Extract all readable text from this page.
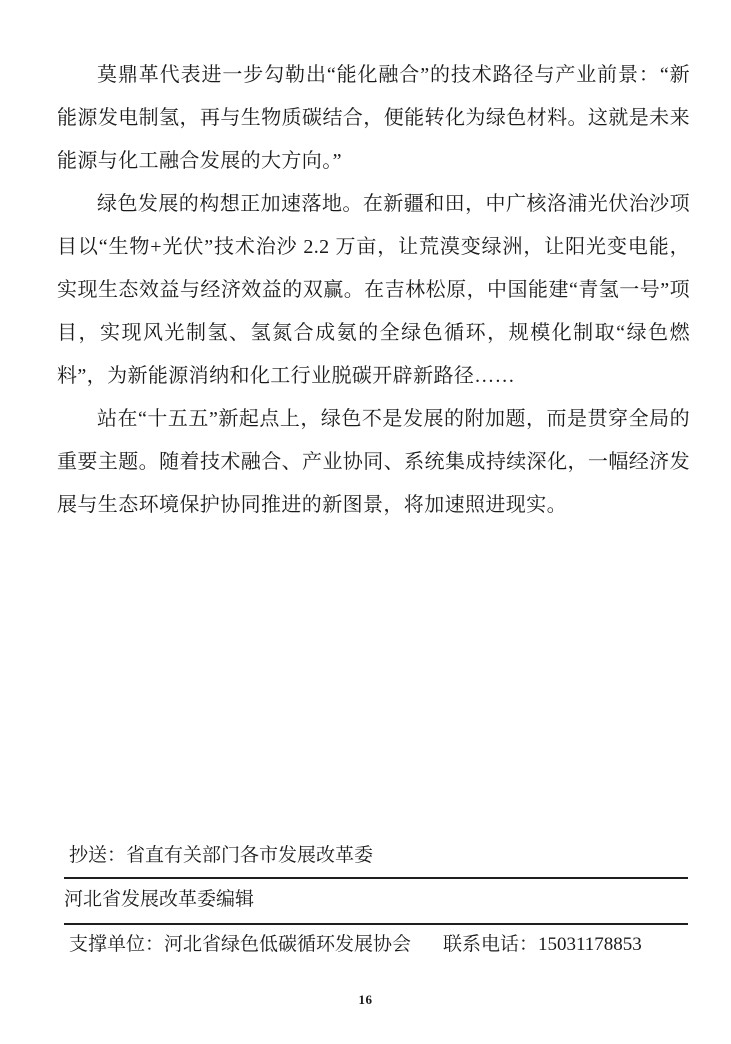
莫鼎革代表进一步勾勒出“能化融合”的技术路径与产业前景：“新能源发电制氢，再与生物质碳结合，便能转化为绿色材料。这就是未来能源与化工融合发展的大方向。”

绿色发展的构想正加速落地。在新疆和田，中广核洛浦光伏治沙项目以“生物+光伏”技术治沙 2.2 万亩，让荒漠变绿洲，让阳光变电能，实现生态效益与经济效益的双赢。在吉林松原，中国能建“青氢一号”项目，实现风光制氢、氢氮合成氨的全绿色循环，规模化制取“绿色燃料”，为新能源消纳和化工行业脱碳开辟新路径……

站在“十五五”新起点上，绿色不是发展的附加题，而是贯穿全局的重要主题。随着技术融合、产业协同、系统集成持续深化，一幅经济发展与生态环境保护协同推进的新图景，将加速照进现实。

抄送：省直有关部门各市发展改革委
河北省发展改革委编辑
支撑单位：河北省绿色低碳循环发展协会 联系电话：15031178853
16
